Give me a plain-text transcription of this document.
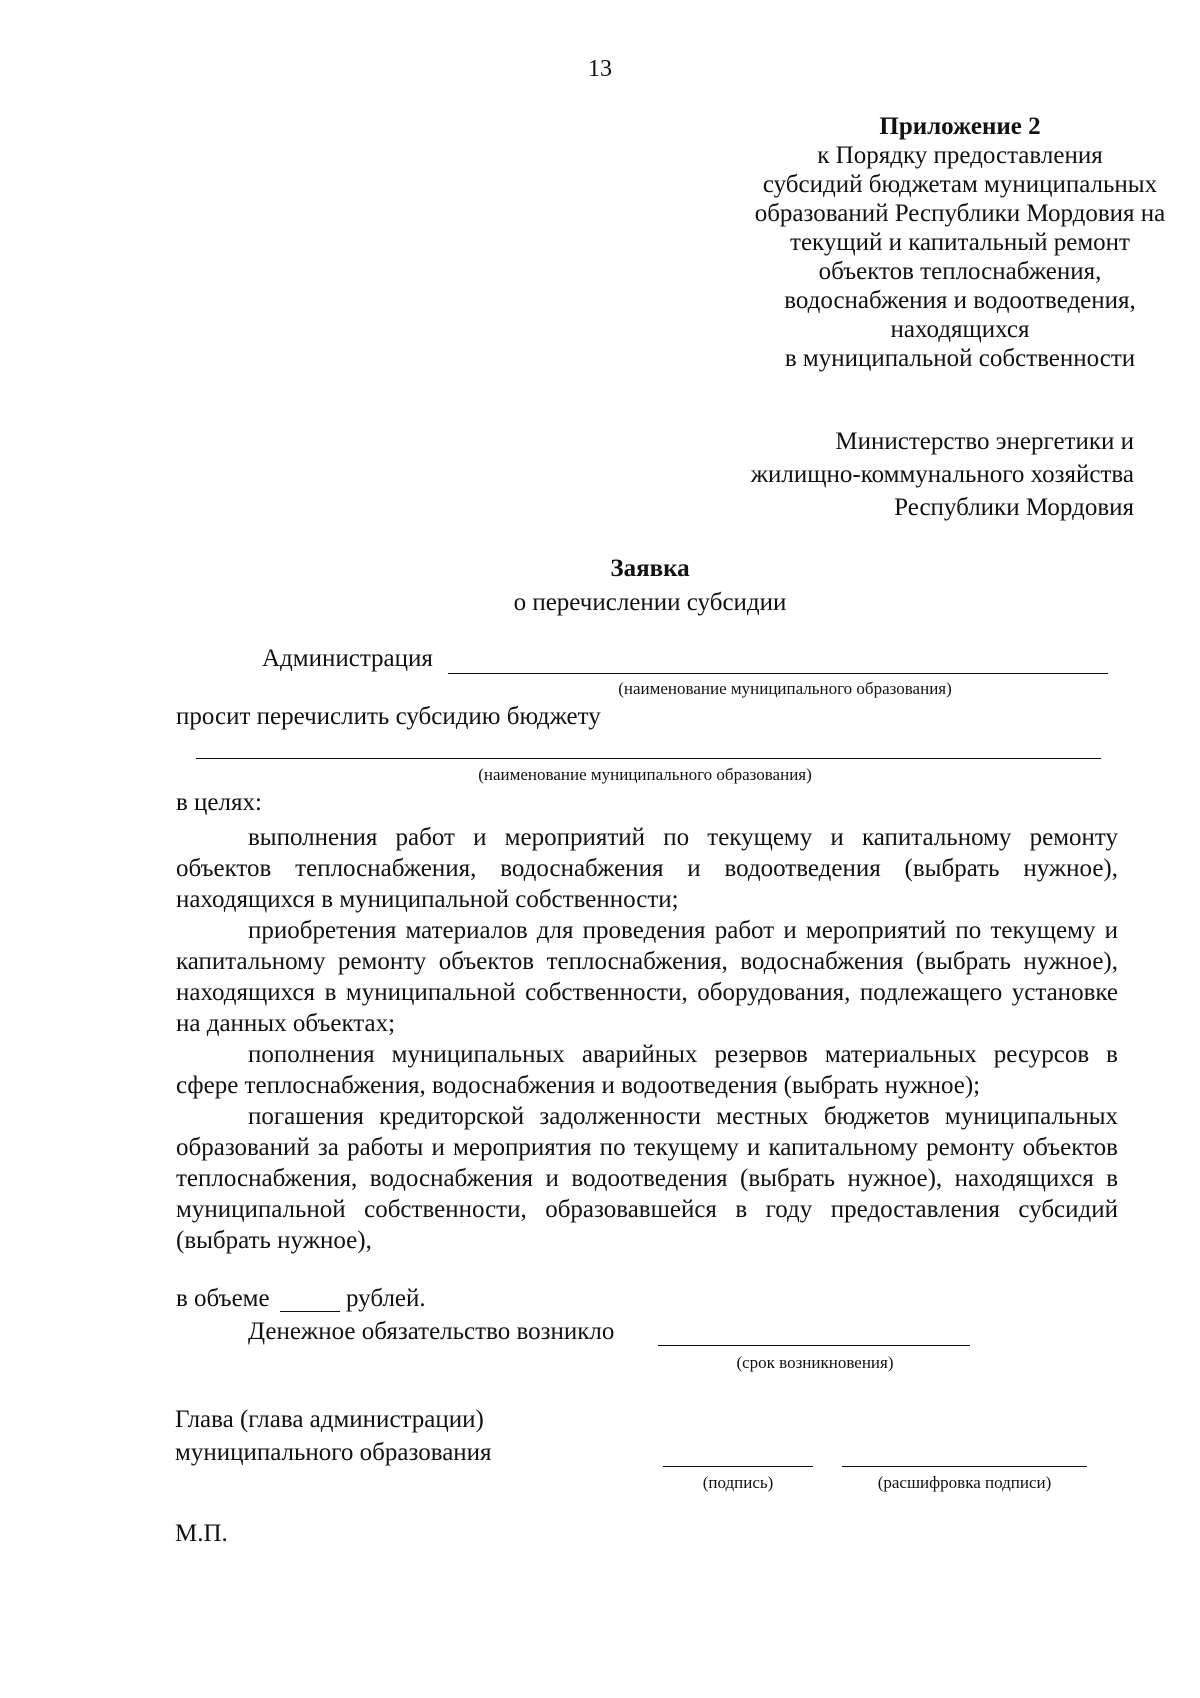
13
Приложение 2
к Порядку предоставления
субсидий бюджетам муниципальных
образований Республики Мордовия на
текущий и капитальный ремонт
объектов теплоснабжения,
водоснабжения и водоотведения,
находящихся
в муниципальной собственности
Министерство энергетики и
жилищно-коммунального хозяйства
Республики Мордовия
Заявка
о перечислении субсидии
Администрация
(наименование муниципального образования)
просит перечислить субсидию бюджету
(наименование муниципального образования)
в целях:
выполнения работ и мероприятий по текущему и капитальному ремонту объектов теплоснабжения, водоснабжения и водоотведения (выбрать нужное), находящихся в муниципальной собственности;
приобретения материалов для проведения работ и мероприятий по текущему и капитальному ремонту объектов теплоснабжения, водоснабжения (выбрать нужное), находящихся в муниципальной собственности, оборудования, подлежащего установке на данных объектах;
пополнения муниципальных аварийных резервов материальных ресурсов в сфере теплоснабжения, водоснабжения и водоотведения (выбрать нужное);
погашения кредиторской задолженности местных бюджетов муниципальных образований за работы и мероприятия по текущему и капитальному ремонту объектов теплоснабжения, водоснабжения и водоотведения (выбрать нужное), находящихся в муниципальной собственности, образовавшейся в году предоставления субсидий (выбрать нужное),
в объеме	рублей.
Денежное обязательство возникло
(срок возникновения)
Глава (глава администрации)
муниципального образования
(подпись)	(расшифровка подписи)
М.П.
